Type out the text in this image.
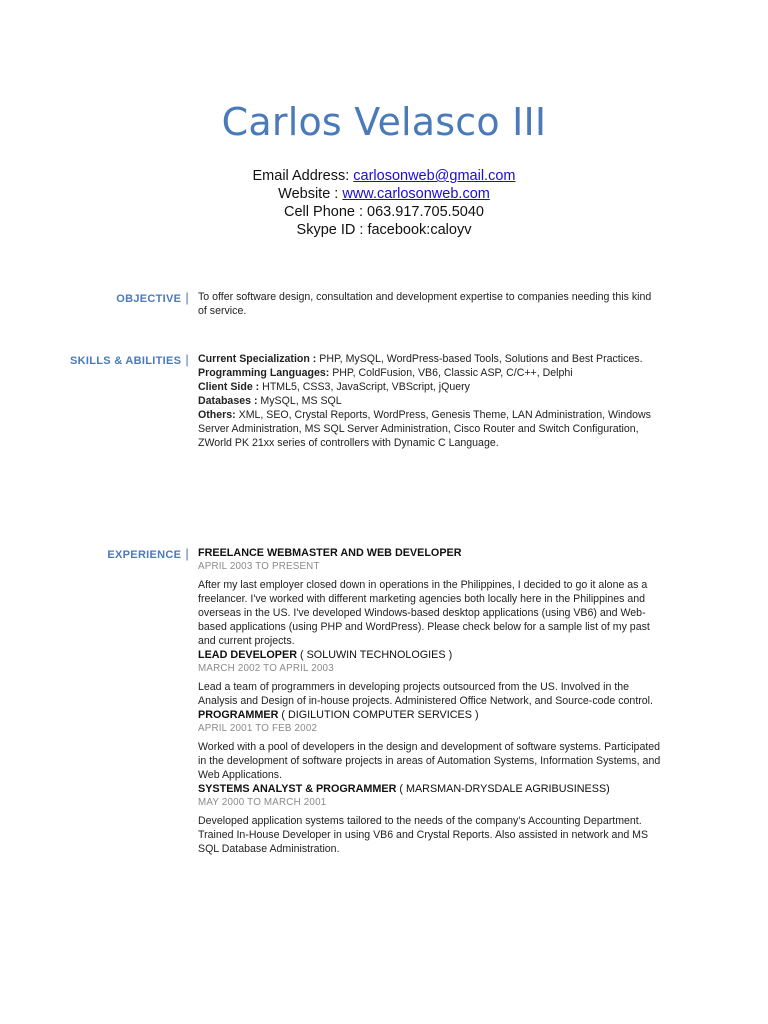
Carlos Velasco III
Email Address: carlosonweb@gmail.com
Website : www.carlosonweb.com
Cell Phone : 063.917.705.5040
Skype ID : facebook:caloyv
OBJECTIVE | To offer software design, consultation and development expertise to companies needing this kind of service.

SKILLS & ABILITIES | Current Specialization : PHP, MySQL, WordPress-based Tools, Solutions and Best Practices.

Programming Languages: PHP, ColdFusion, VB6, Classic ASP, C/C++, Delphi

Client Side : HTML5, CSS3, JavaScript, VBScript, jQuery

Databases : MySQL, MS SQL

Others: XML, SEO, Crystal Reports, WordPress, Genesis Theme, LAN Administration, Windows Server Administration, MS SQL Server Administration, Cisco Router and Switch Configuration, ZWorld PK 21xx series of controllers with Dynamic C Language.

EXPERIENCE | FREELANCE WEBMASTER AND WEB DEVELOPER
APRIL 2003 TO PRESENT

After my last employer closed down in operations in the Philippines, I decided to go it alone as a freelancer. I've worked with different marketing agencies both locally here in the Philippines and overseas in the US. I've developed Windows-based desktop applications (using VB6) and Web-based applications (using PHP and WordPress). Please check below for a sample list of my past and current projects.

LEAD DEVELOPER ( SOLUWIN TECHNOLOGIES )
MARCH 2002 TO APRIL 2003

Lead a team of programmers in developing projects outsourced from the US. Involved in the Analysis and Design of in-house projects. Administered Office Network, and Source-code control.

PROGRAMMER ( DIGILUTION COMPUTER SERVICES )
APRIL 2001 TO FEB 2002

Worked with a pool of developers in the design and development of software systems. Participated in the development of software projects in areas of Automation Systems, Information Systems, and Web Applications.

SYSTEMS ANALYST & PROGRAMMER ( MARSMAN-DRYSDALE AGRIBUSINESS)
MAY 2000 TO MARCH 2001

Developed application systems tailored to the needs of the company's Accounting Department. Trained In-House Developer in using VB6 and Crystal Reports. Also assisted in network and MS SQL Database Administration.
